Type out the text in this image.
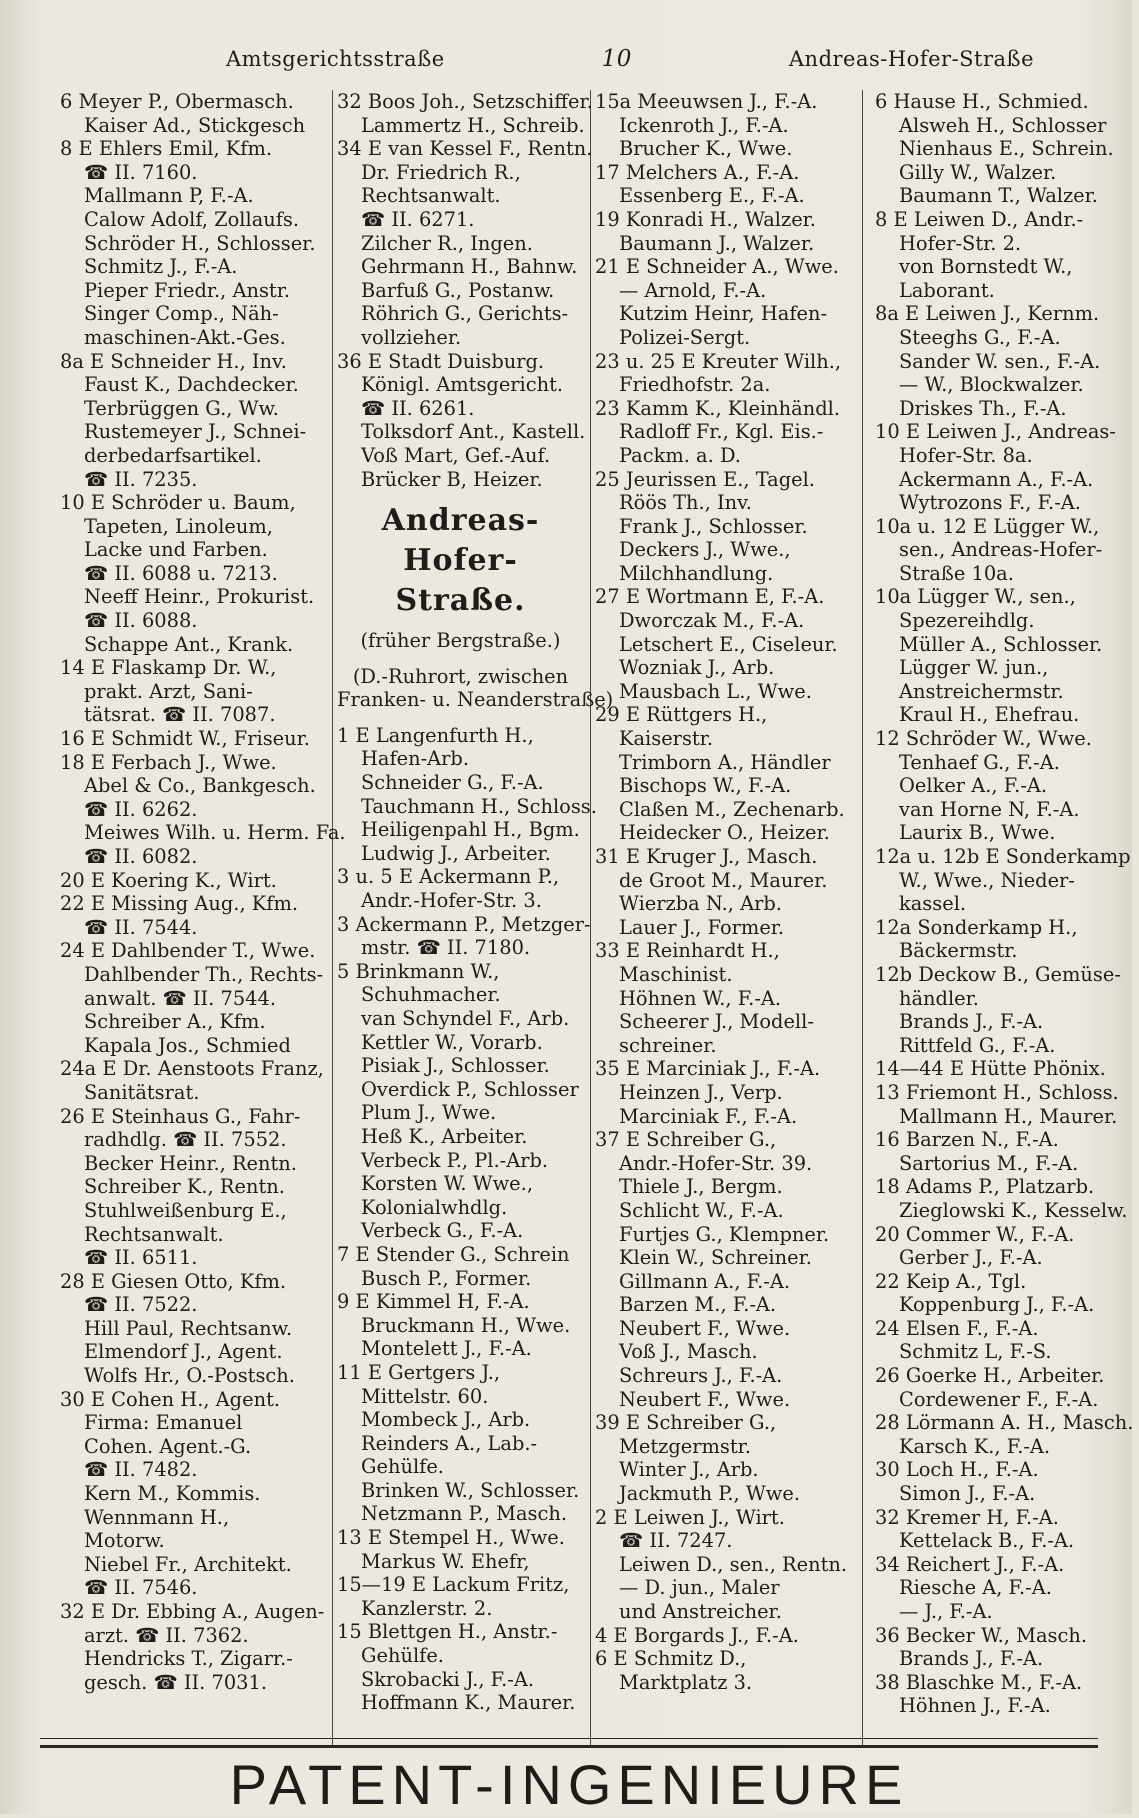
Amtsgerichtsstraße	10	Andreas-Hofer-Straße
6 Meyer P., Obermasch.
Kaiser Ad., Stickgesch
8 E Ehlers Emil, Kfm.
☎ II. 7160.
Mallmann P, F.-A.
Calow Adolf, Zollaufs.
Schröder H., Schlosser.
Schmitz J., F.-A.
Pieper Friedr., Anstr.
Singer Comp., Näh-
maschinen-Akt.-Ges.
8a E Schneider H., Inv.
Faust K., Dachdecker.
Terbrüggen G., Ww.
Rustemeyer J., Schnei-
derbedarfsartikel.
☎ II. 7235.
10 E Schröder u. Baum,
Tapeten, Linoleum,
Lacke und Farben.
☎ II. 6088 u. 7213.
Neeff Heinr., Prokurist.
☎ II. 6088.
Schappe Ant., Krank.
14 E Flaskamp Dr. W.,
prakt. Arzt, Sani-
tätsrat. ☎ II. 7087.
16 E Schmidt W., Friseur.
18 E Ferbach J., Wwe.
Abel & Co., Bankgesch.
☎ II. 6262.
Meiwes Wilh. u. Herm. Fa.
☎ II. 6082.
20 E Koering K., Wirt.
22 E Missing Aug., Kfm.
☎ II. 7544.
24 E Dahlbender T., Wwe.
Dahlbender Th., Rechts-
anwalt. ☎ II. 7544.
Schreiber A., Kfm.
Kapala Jos., Schmied
24a E Dr. Aenstoots Franz,
Sanitätsrat.
26 E Steinhaus G., Fahr-
radhdlg. ☎ II. 7552.
Becker Heinr., Rentn.
Schreiber K., Rentn.
Stuhlweißenburg E.,
Rechtsanwalt.
☎ II. 6511.
28 E Giesen Otto, Kfm.
☎ II. 7522.
Hill Paul, Rechtsanw.
Elmendorf J., Agent.
Wolfs Hr., O.-Postsch.
30 E Cohen H., Agent.
Firma: Emanuel
Cohen. Agent.-G.
☎ II. 7482.
Kern M., Kommis.
Wennmann H.,
Motorw.
Niebel Fr., Architekt.
☎ II. 7546.
32 E Dr. Ebbing A., Augen-
arzt. ☎ II. 7362.
Hendricks T., Zigarr.-
gesch. ☎ II. 7031.
32 Boos Joh., Setzschiffer.
Lammertz H., Schreib.
34 E van Kessel F., Rentn.
Dr. Friedrich R.,
Rechtsanwalt.
☎ II. 6271.
Zilcher R., Ingen.
Gehrmann H., Bahnw.
Barfuß G., Postanw.
Röhrich G., Gerichts-
vollzieher.
36 E Stadt Duisburg.
Königl. Amtsgericht.
☎ II. 6261.
Tolksdorf Ant., Kastell.
Voß Mart, Gef.-Auf.
Brücker B, Heizer.
Andreas-Hofer-
Straße.
(früher Bergstraße.)
(D.-Ruhrort, zwischen
Franken- u. Neanderstraße)
1 E Langenfurth H.,
Hafen-Arb.
Schneider G., F.-A.
Tauchmann H., Schloss.
Heiligenpahl H., Bgm.
Ludwig J., Arbeiter.
3 u. 5 E Ackermann P.,
Andr.-Hofer-Str. 3.
3 Ackermann P., Metzger-
mstr. ☎ II. 7180.
5 Brinkmann W.,
Schuhmacher.
van Schyndel F., Arb.
Kettler W., Vorarb.
Pisiak J., Schlosser.
Overdick P., Schlosser
Plum J., Wwe.
Heß K., Arbeiter.
Verbeck P., Pl.-Arb.
Korsten W. Wwe.,
Kolonialwhdlg.
Verbeck G., F.-A.
7 E Stender G., Schrein
Busch P., Former.
9 E Kimmel H, F.-A.
Bruckmann H., Wwe.
Montelett J., F.-A.
11 E Gertgers J.,
Mittelstr. 60.
Mombeck J., Arb.
Reinders A., Lab.-
Gehülfe.
Brinken W., Schlosser.
Netzmann P., Masch.
13 E Stempel H., Wwe.
Markus W. Ehefr,
15—19 E Lackum Fritz,
Kanzlerstr. 2.
15 Blettgen H., Anstr.-
Gehülfe.
Skrobacki J., F.-A.
Hoffmann K., Maurer.
15a Meeuwsen J., F.-A.
Ickenroth J., F.-A.
Brucher K., Wwe.
17 Melchers A., F.-A.
Essenberg E., F.-A.
19 Konradi H., Walzer.
Baumann J., Walzer.
21 E Schneider A., Wwe.
— Arnold, F.-A.
Kutzim Heinr, Hafen-
Polizei-Sergt.
23 u. 25 E Kreuter Wilh.,
Friedhofstr. 2a.
23 Kamm K., Kleinhändl.
Radloff Fr., Kgl. Eis.-
Packm. a. D.
25 Jeurissen E., Tagel.
Röös Th., Inv.
Frank J., Schlosser.
Deckers J., Wwe.,
Milchhandlung.
27 E Wortmann E, F.-A.
Dworczak M., F.-A.
Letschert E., Ciseleur.
Wozniak J., Arb.
Mausbach L., Wwe.
29 E Rüttgers H.,
Kaiserstr.
Trimborn A., Händler
Bischops W., F.-A.
Claßen M., Zechenarb.
Heidecker O., Heizer.
31 E Kruger J., Masch.
de Groot M., Maurer.
Wierzba N., Arb.
Lauer J., Former.
33 E Reinhardt H.,
Maschinist.
Höhnen W., F.-A.
Scheerer J., Modell-
schreiner.
35 E Marciniak J., F.-A.
Heinzen J., Verp.
Marciniak F., F.-A.
37 E Schreiber G.,
Andr.-Hofer-Str. 39.
Thiele J., Bergm.
Schlicht W., F.-A.
Furtjes G., Klempner.
Klein W., Schreiner.
Gillmann A., F.-A.
Barzen M., F.-A.
Neubert F., Wwe.
Voß J., Masch.
Schreurs J., F.-A.
Neubert F., Wwe.
39 E Schreiber G.,
Metzgermstr.
Winter J., Arb.
Jackmuth P., Wwe.
2 E Leiwen J., Wirt.
☎ II. 7247.
Leiwen D., sen., Rentn.
— D. jun., Maler
und Anstreicher.
4 E Borgards J., F.-A.
6 E Schmitz D.,
Marktplatz 3.
6 Hause H., Schmied.
Alsweh H., Schlosser
Nienhaus E., Schrein.
Gilly W., Walzer.
Baumann T., Walzer.
8 E Leiwen D., Andr.-
Hofer-Str. 2.
von Bornstedt W.,
Laborant.
8a E Leiwen J., Kernm.
Steeghs G., F.-A.
Sander W. sen., F.-A.
— W., Blockwalzer.
Driskes Th., F.-A.
10 E Leiwen J., Andreas-
Hofer-Str. 8a.
Ackermann A., F.-A.
Wytrozons F., F.-A.
10a u. 12 E Lügger W.,
sen., Andreas-Hofer-
Straße 10a.
10a Lügger W., sen.,
Spezereihdlg.
Müller A., Schlosser.
Lügger W. jun.,
Anstreichermstr.
Kraul H., Ehefrau.
12 Schröder W., Wwe.
Tenhaef G., F.-A.
Oelker A., F.-A.
van Horne N, F.-A.
Laurix B., Wwe.
12a u. 12b E Sonderkamp
W., Wwe., Nieder-
kassel.
12a Sonderkamp H.,
Bäckermstr.
12b Deckow B., Gemüse-
händler.
Brands J., F.-A.
Rittfeld G., F.-A.
14—44 E Hütte Phönix.
13 Friemont H., Schloss.
Mallmann H., Maurer.
16 Barzen N., F.-A.
Sartorius M., F.-A.
18 Adams P., Platzarb.
Zieglowski K., Kesselw.
20 Commer W., F.-A.
Gerber J., F.-A.
22 Keip A., Tgl.
Koppenburg J., F.-A.
24 Elsen F., F.-A.
Schmitz L, F.-S.
26 Goerke H., Arbeiter.
Cordewener F., F.-A.
28 Lörmann A. H., Masch.
Karsch K., F.-A.
30 Loch H., F.-A.
Simon J., F.-A.
32 Kremer H, F.-A.
Kettelack B., F.-A.
34 Reichert J., F.-A.
Riesche A, F.-A.
— J., F.-A.
36 Becker W., Masch.
Brands J., F.-A.
38 Blaschke M., F.-A.
Höhnen J., F.-A.
PATENT-INGENIEURE
